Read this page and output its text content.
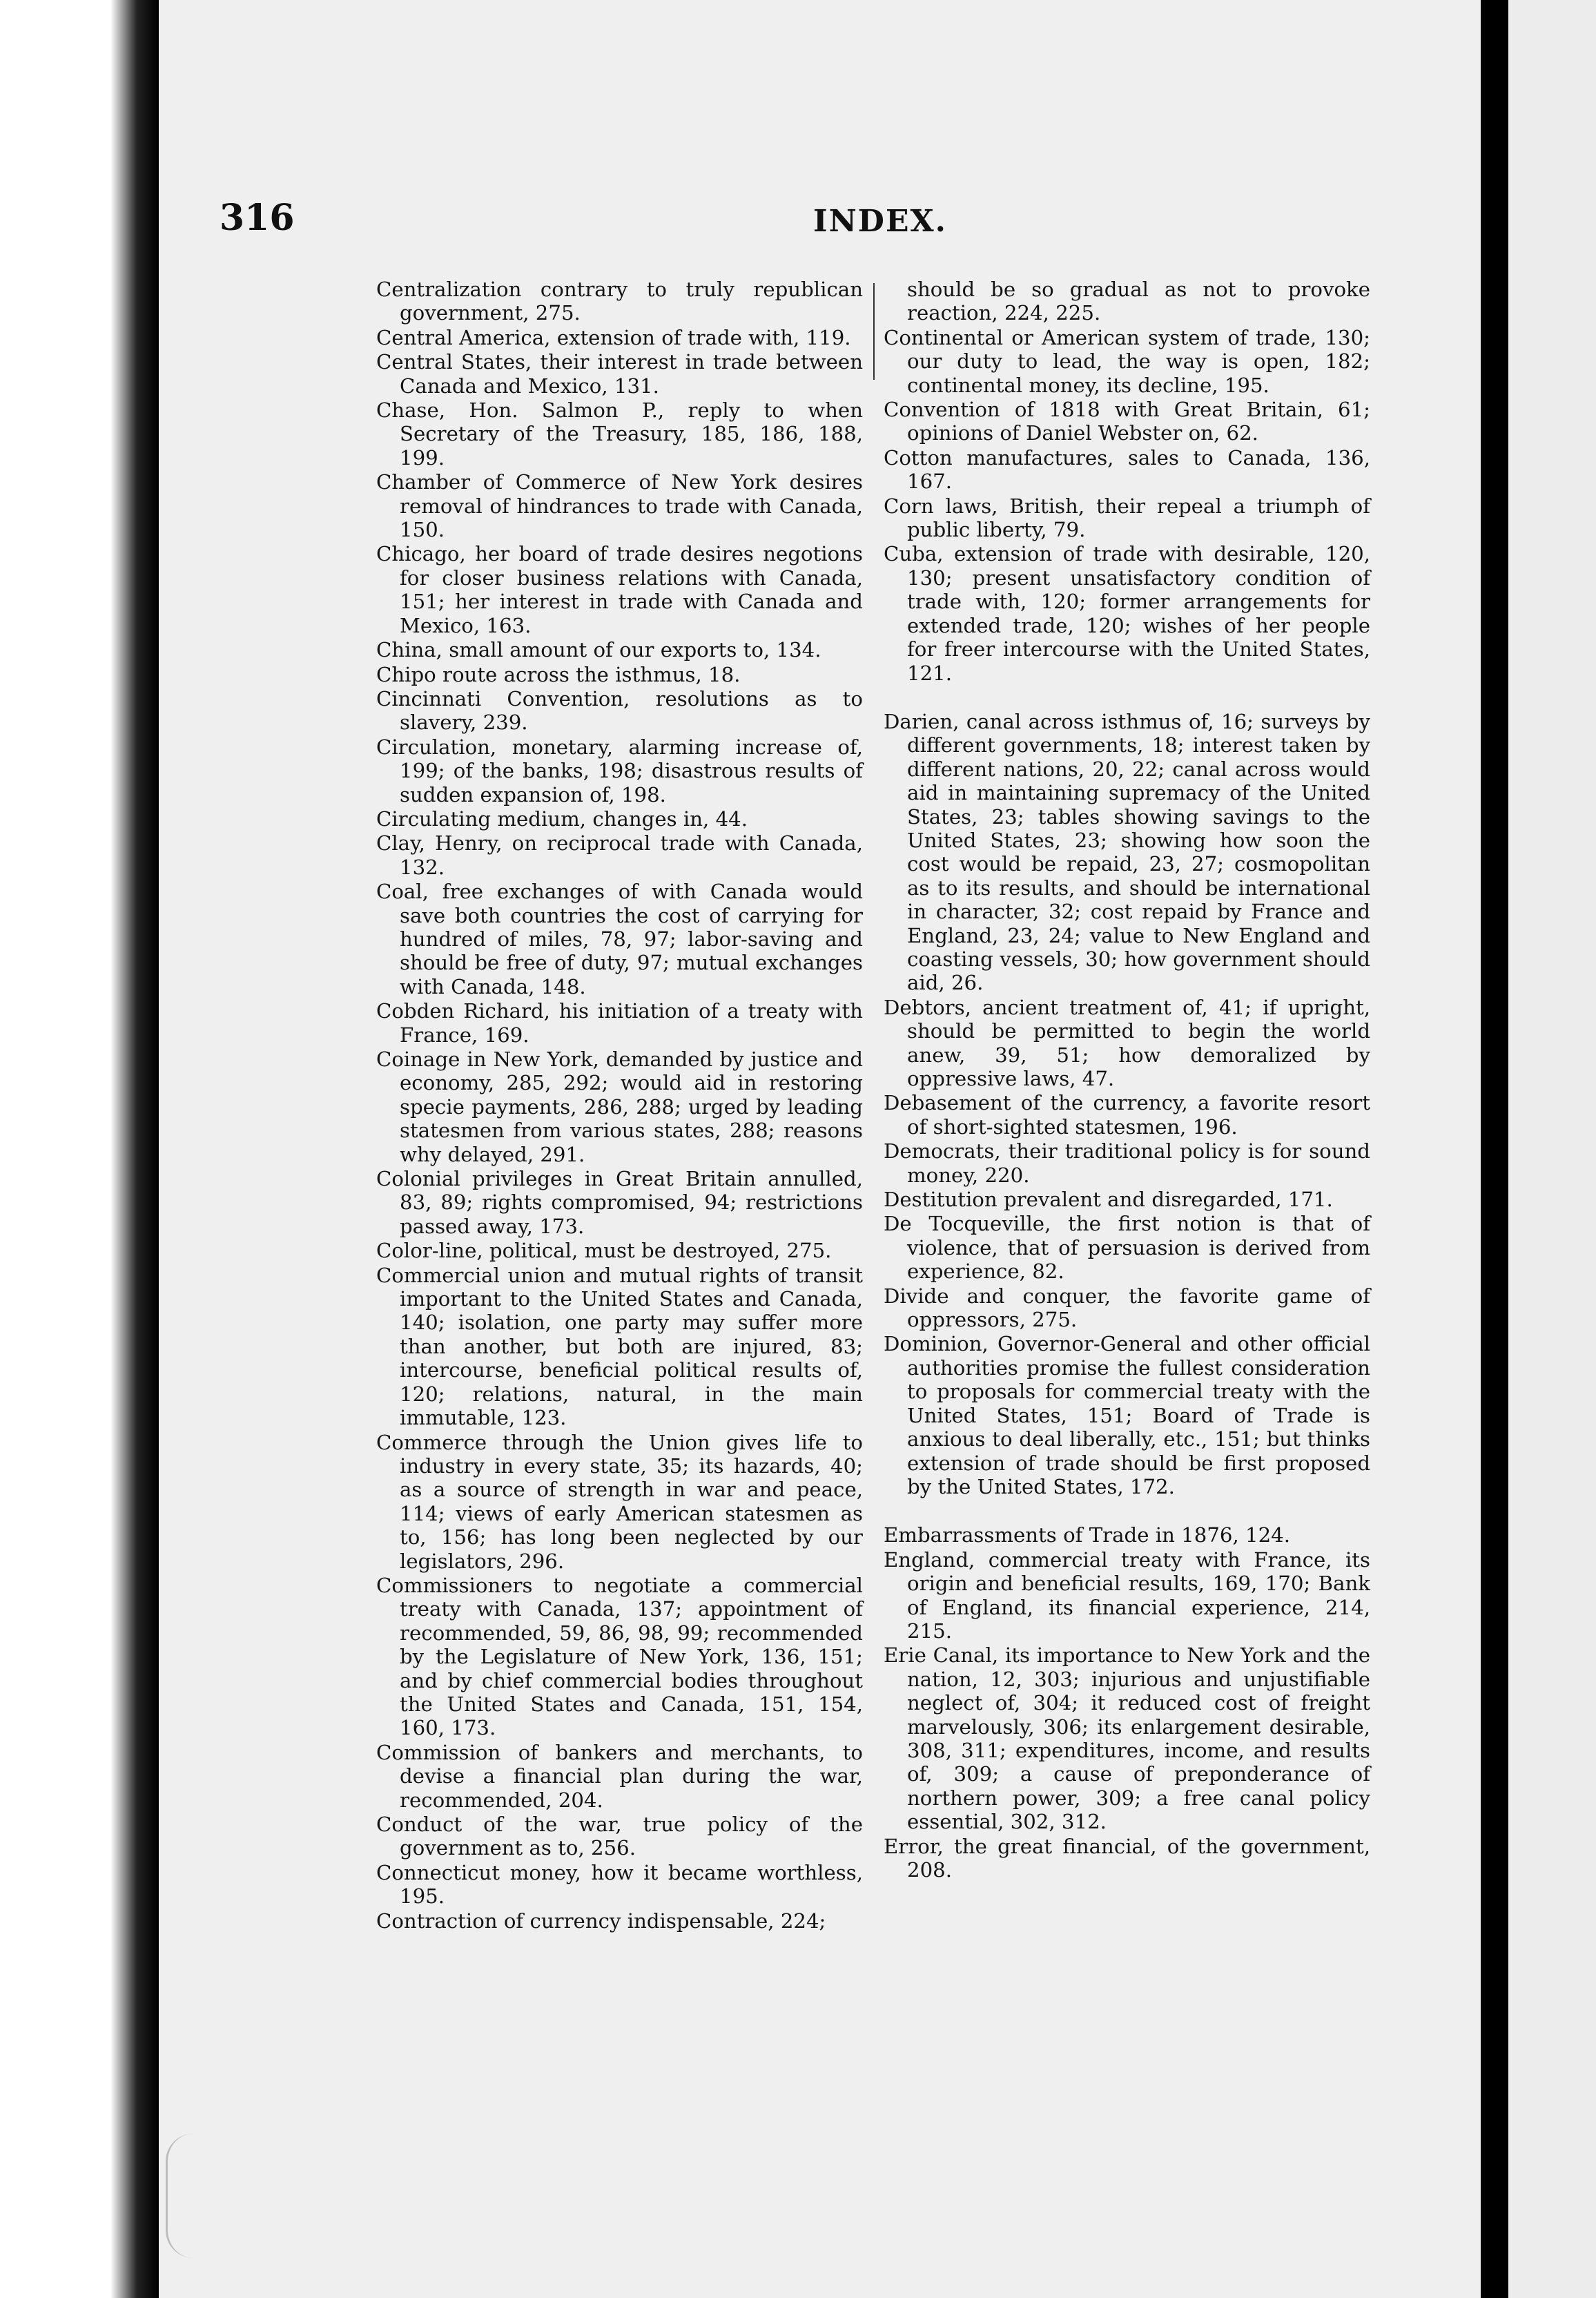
316	INDEX.

Centralization contrary to truly republican government, 275.

Central America, extension of trade with, 119.

Central States, their interest in trade between Canada and Mexico, 131.

Chase, Hon. Salmon P., reply to when Secretary of the Treasury, 185, 186, 188, 199.

Chamber of Commerce of New York desires removal of hindrances to trade with Canada, 150.

Chicago, her board of trade desires negotions for closer business relations with Canada, 151; her interest in trade with Canada and Mexico, 163.

China, small amount of our exports to, 134.

Chipo route across the isthmus, 18.

Cincinnati Convention, resolutions as to slavery, 239.

Circulation, monetary, alarming increase of, 199; of the banks, 198; disastrous results of sudden expansion of, 198.

Circulating medium, changes in, 44.

Clay, Henry, on reciprocal trade with Canada, 132.

Coal, free exchanges of with Canada would save both countries the cost of carrying for hundred of miles, 78, 97; labor-saving and should be free of duty, 97; mutual exchanges with Canada, 148.

Cobden Richard, his initiation of a treaty with France, 169.

Coinage in New York, demanded by justice and economy, 285, 292; would aid in restoring specie payments, 286, 288; urged by leading statesmen from various states, 288; reasons why delayed, 291.

Colonial privileges in Great Britain annulled, 83, 89; rights compromised, 94; restrictions passed away, 173.

Color-line, political, must be destroyed, 275.

Commercial union and mutual rights of transit important to the United States and Canada, 140; isolation, one party may suffer more than another, but both are injured, 83; intercourse, beneficial political results of, 120; relations, natural, in the main immutable, 123.

Commerce through the Union gives life to industry in every state, 35; its hazards, 40; as a source of strength in war and peace, 114; views of early American statesmen as to, 156; has long been neglected by our legislators, 296.

Commissioners to negotiate a commercial treaty with Canada, 137; appointment of recommended, 59, 86, 98, 99; recommended by the Legislature of New York, 136, 151; and by chief commercial bodies throughout the United States and Canada, 151, 154, 160, 173.

Commission of bankers and merchants, to devise a financial plan during the war, recommended, 204.

Conduct of the war, true policy of the government as to, 256.

Connecticut money, how it became worthless, 195.

Contraction of currency indispensable, 224;

should be so gradual as not to provoke reaction, 224, 225.

Continental or American system of trade, 130; our duty to lead, the way is open, 182; continental money, its decline, 195.

Convention of 1818 with Great Britain, 61; opinions of Daniel Webster on, 62.

Cotton manufactures, sales to Canada, 136, 167.

Corn laws, British, their repeal a triumph of public liberty, 79.

Cuba, extension of trade with desirable, 120, 130; present unsatisfactory condition of trade with, 120; former arrangements for extended trade, 120; wishes of her people for freer intercourse with the United States, 121.

Darien, canal across isthmus of, 16; surveys by different governments, 18; interest taken by different nations, 20, 22; canal across would aid in maintaining supremacy of the United States, 23; tables showing savings to the United States, 23; showing how soon the cost would be repaid, 23, 27; cosmopolitan as to its results, and should be international in character, 32; cost repaid by France and England, 23, 24; value to New England and coasting vessels, 30; how government should aid, 26.

Debtors, ancient treatment of, 41; if upright, should be permitted to begin the world anew, 39, 51; how demoralized by oppressive laws, 47.

Debasement of the currency, a favorite resort of short-sighted statesmen, 196.

Democrats, their traditional policy is for sound money, 220.

Destitution prevalent and disregarded, 171.

De Tocqueville, the first notion is that of violence, that of persuasion is derived from experience, 82.

Divide and conquer, the favorite game of oppressors, 275.

Dominion, Governor-General and other official authorities promise the fullest consideration to proposals for commercial treaty with the United States, 151; Board of Trade is anxious to deal liberally, etc., 151; but thinks extension of trade should be first proposed by the United States, 172.

Embarrassments of Trade in 1876, 124.

England, commercial treaty with France, its origin and beneficial results, 169, 170; Bank of England, its financial experience, 214, 215.

Erie Canal, its importance to New York and the nation, 12, 303; injurious and unjustifiable neglect of, 304; it reduced cost of freight marvelously, 306; its enlargement desirable, 308, 311; expenditures, income, and results of, 309; a cause of preponderance of northern power, 309; a free canal policy essential, 302, 312.

Error, the great financial, of the government, 208.
